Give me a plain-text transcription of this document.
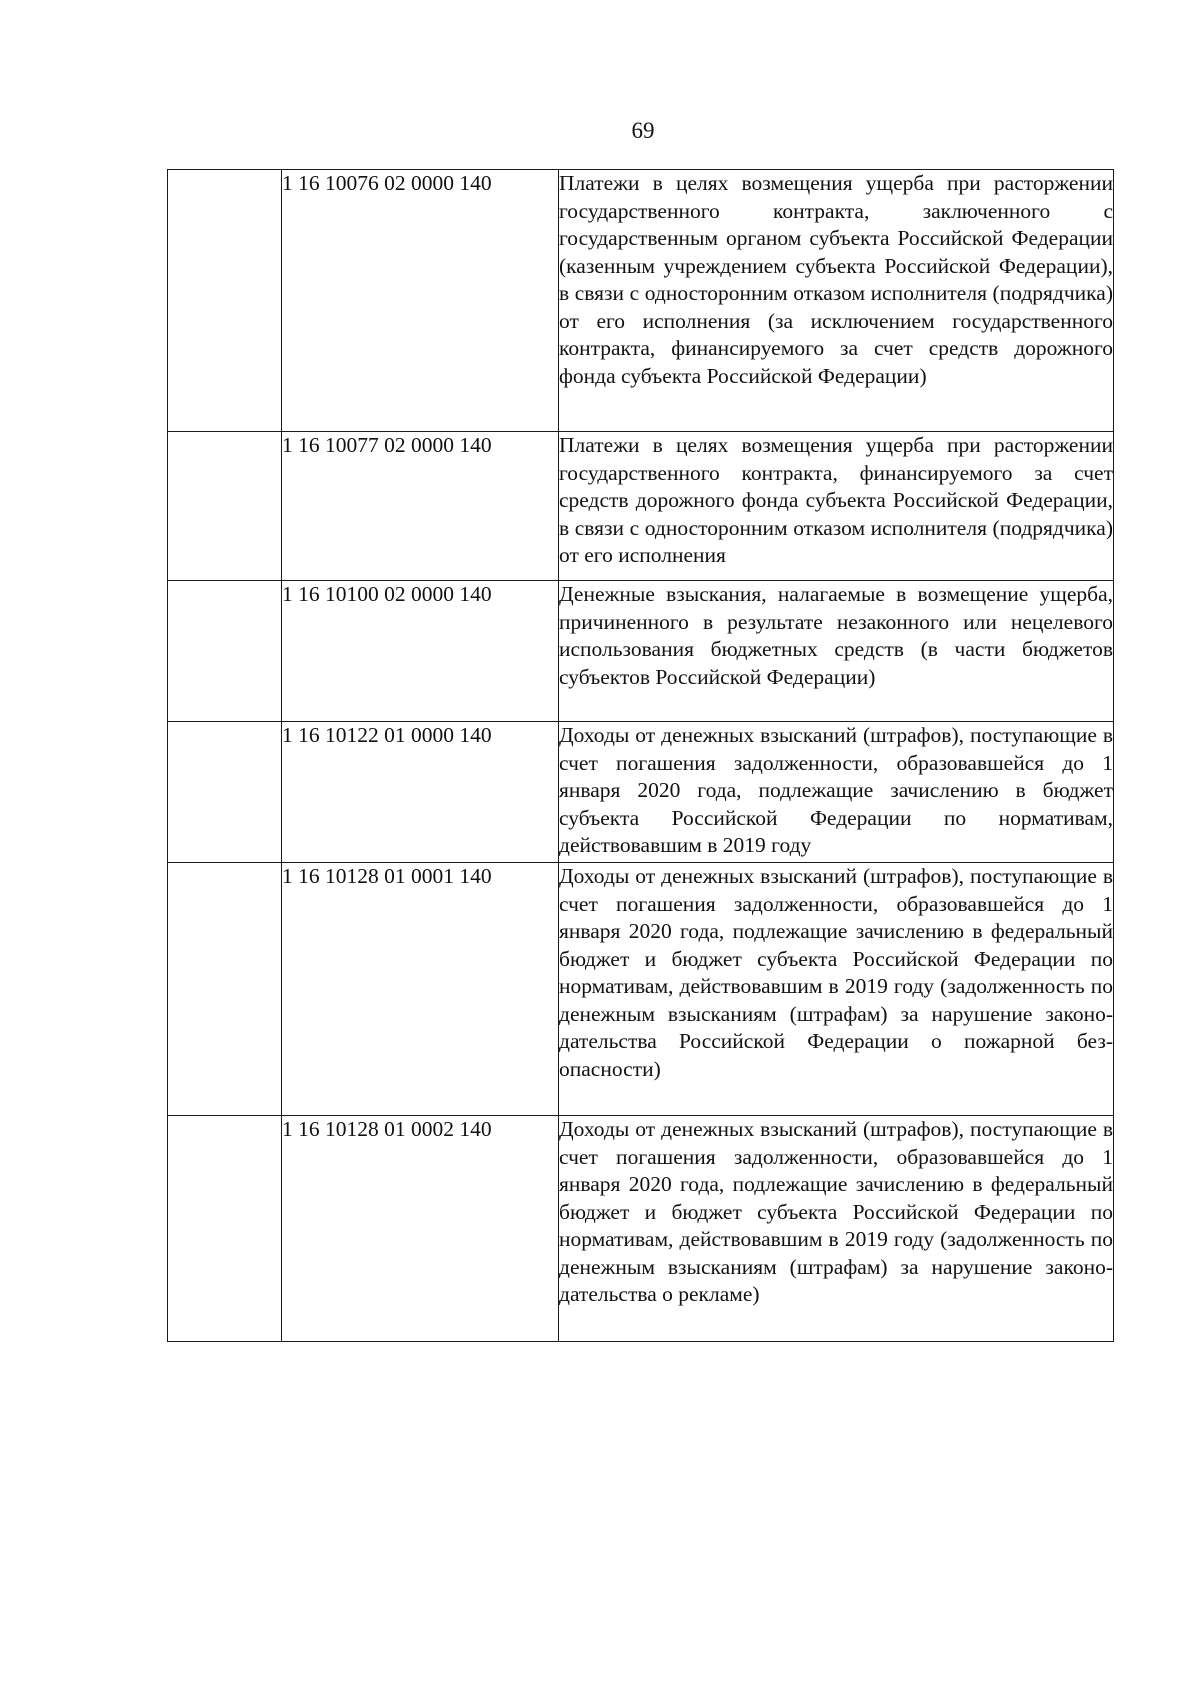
69
	1 16 10076 02 0000 140	Платежи в целях возмещения ущерба при расторжении государственного контракта, заключенного с государственным органом субъекта Российской Федерации (казенным учреждением субъекта Российской Федерации), в связи с односторонним отказом исполнителя (подрядчика) от его исполнения (за исключением государственного контракта, финансируемого за счет средств дорожного фонда субъекта Российской Федерации)
	1 16 10077 02 0000 140	Платежи в целях возмещения ущерба при расторжении государственного контракта, финансируемого за счет средств дорожного фонда субъекта Российской Федерации, в связи с односторонним отказом исполнителя (подрядчика) от его исполнения
	1 16 10100 02 0000 140	Денежные взыскания, налагаемые в возмещение ущерба, причиненного в результате незаконного или нецелевого использования бюджетных средств (в части бюджетов субъектов Российской Федерации)
	1 16 10122 01 0000 140	Доходы от денежных взысканий (штрафов), поступающие в счет погашения задолженности, образовавшейся до 1 января 2020 года, подлежащие зачислению в бюджет субъекта Российской Федерации по нормативам, действовавшим в 2019 году
	1 16 10128 01 0001 140	Доходы от денежных взысканий (штрафов), поступающие в счет погашения задолженности, образовавшейся до 1 января 2020 года, подлежащие зачислению в федеральный бюджет и бюджет субъекта Российской Федерации по нормативам, действовавшим в 2019 году (задолженность по денежным взысканиям (штрафам) за нарушение законодательства Российской Федерации о пожарной безопасности)
	1 16 10128 01 0002 140	Доходы от денежных взысканий (штрафов), поступающие в счет погашения задолженности, образовавшейся до 1 января 2020 года, подлежащие зачислению в федеральный бюджет и бюджет субъекта Российской Федерации по нормативам, действовавшим в 2019 году (задолженность по денежным взысканиям (штрафам) за нарушение законодательства о рекламе)
